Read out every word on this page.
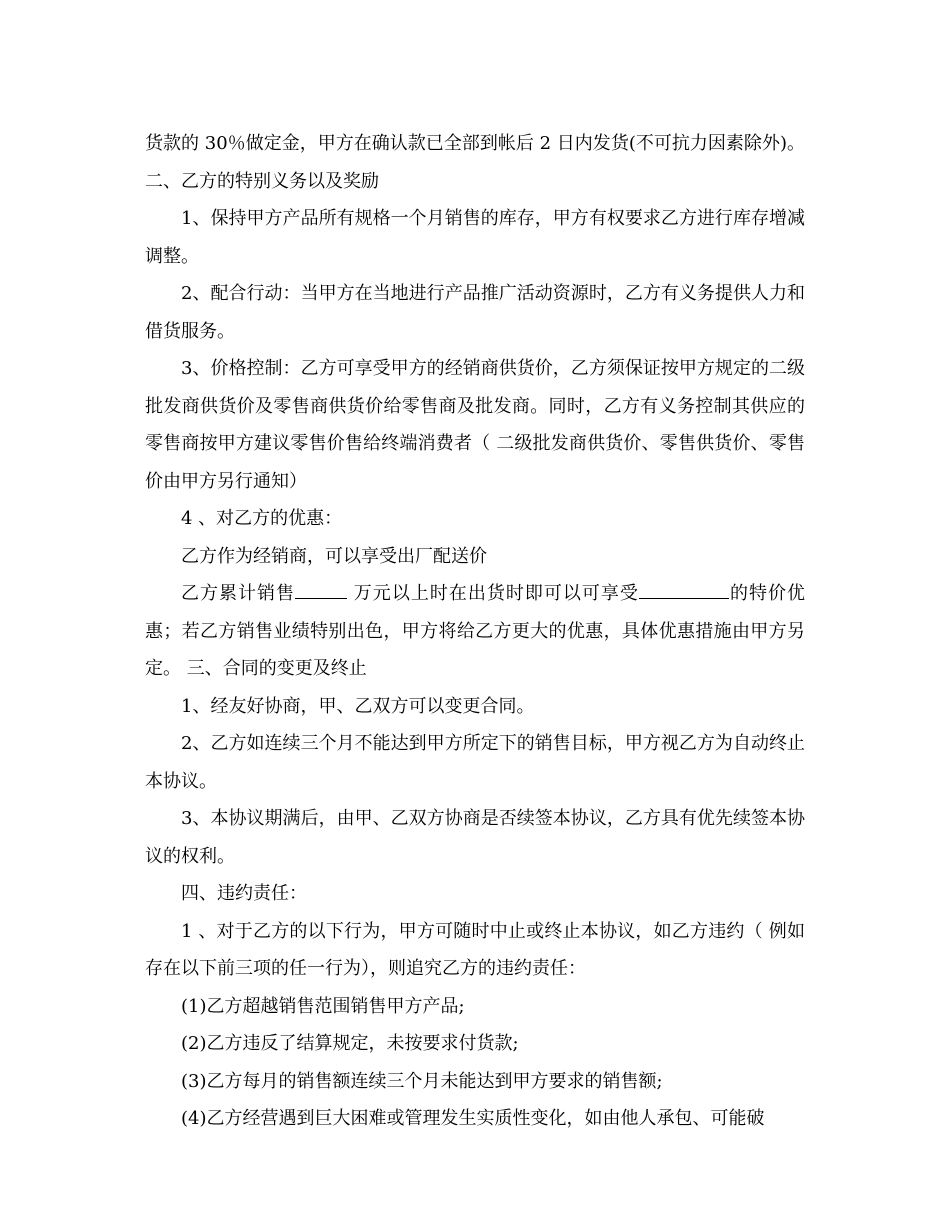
货款的 30％做定金，甲方在确认款已全部到帐后 2 日内发货(不可抗力因素除外)。 二、乙方的特别义务以及奖励

1、保持甲方产品所有规格一个月销售的库存，甲方有权要求乙方进行库存增减调整。

2、配合行动：当甲方在当地进行产品推广活动资源时，乙方有义务提供人力和借货服务。

3、价格控制：乙方可享受甲方的经销商供货价，乙方须保证按甲方规定的二级批发商供货价及零售商供货价给零售商及批发商。同时，乙方有义务控制其供应的零售商按甲方建议零售价售给终端消费者（ 二级批发商供货价、零售供货价、零售价由甲方另行通知）

4 、对乙方的优惠：

乙方作为经销商，可以享受出厂配送价

乙方累计销售	万元以上时在出货时即可以可享受	的特价优惠；若乙方销售业绩特别出色，甲方将给乙方更大的优惠，具体优惠措施由甲方另定。 三、合同的变更及终止

1、经友好协商，甲、乙双方可以变更合同。

2、乙方如连续三个月不能达到甲方所定下的销售目标，甲方视乙方为自动终止本协议。

3、本协议期满后，由甲、乙双方协商是否续签本协议，乙方具有优先续签本协议的权利。

四、违约责任：

1 、对于乙方的以下行为，甲方可随时中止或终止本协议，如乙方违约（ 例如存在以下前三项的任一行为），则追究乙方的违约责任：

(1)乙方超越销售范围销售甲方产品;

(2)乙方违反了结算规定，未按要求付货款;

(3)乙方每月的销售额连续三个月未能达到甲方要求的销售额;

(4)乙方经营遇到巨大困难或管理发生实质性变化，如由他人承包、可能破
